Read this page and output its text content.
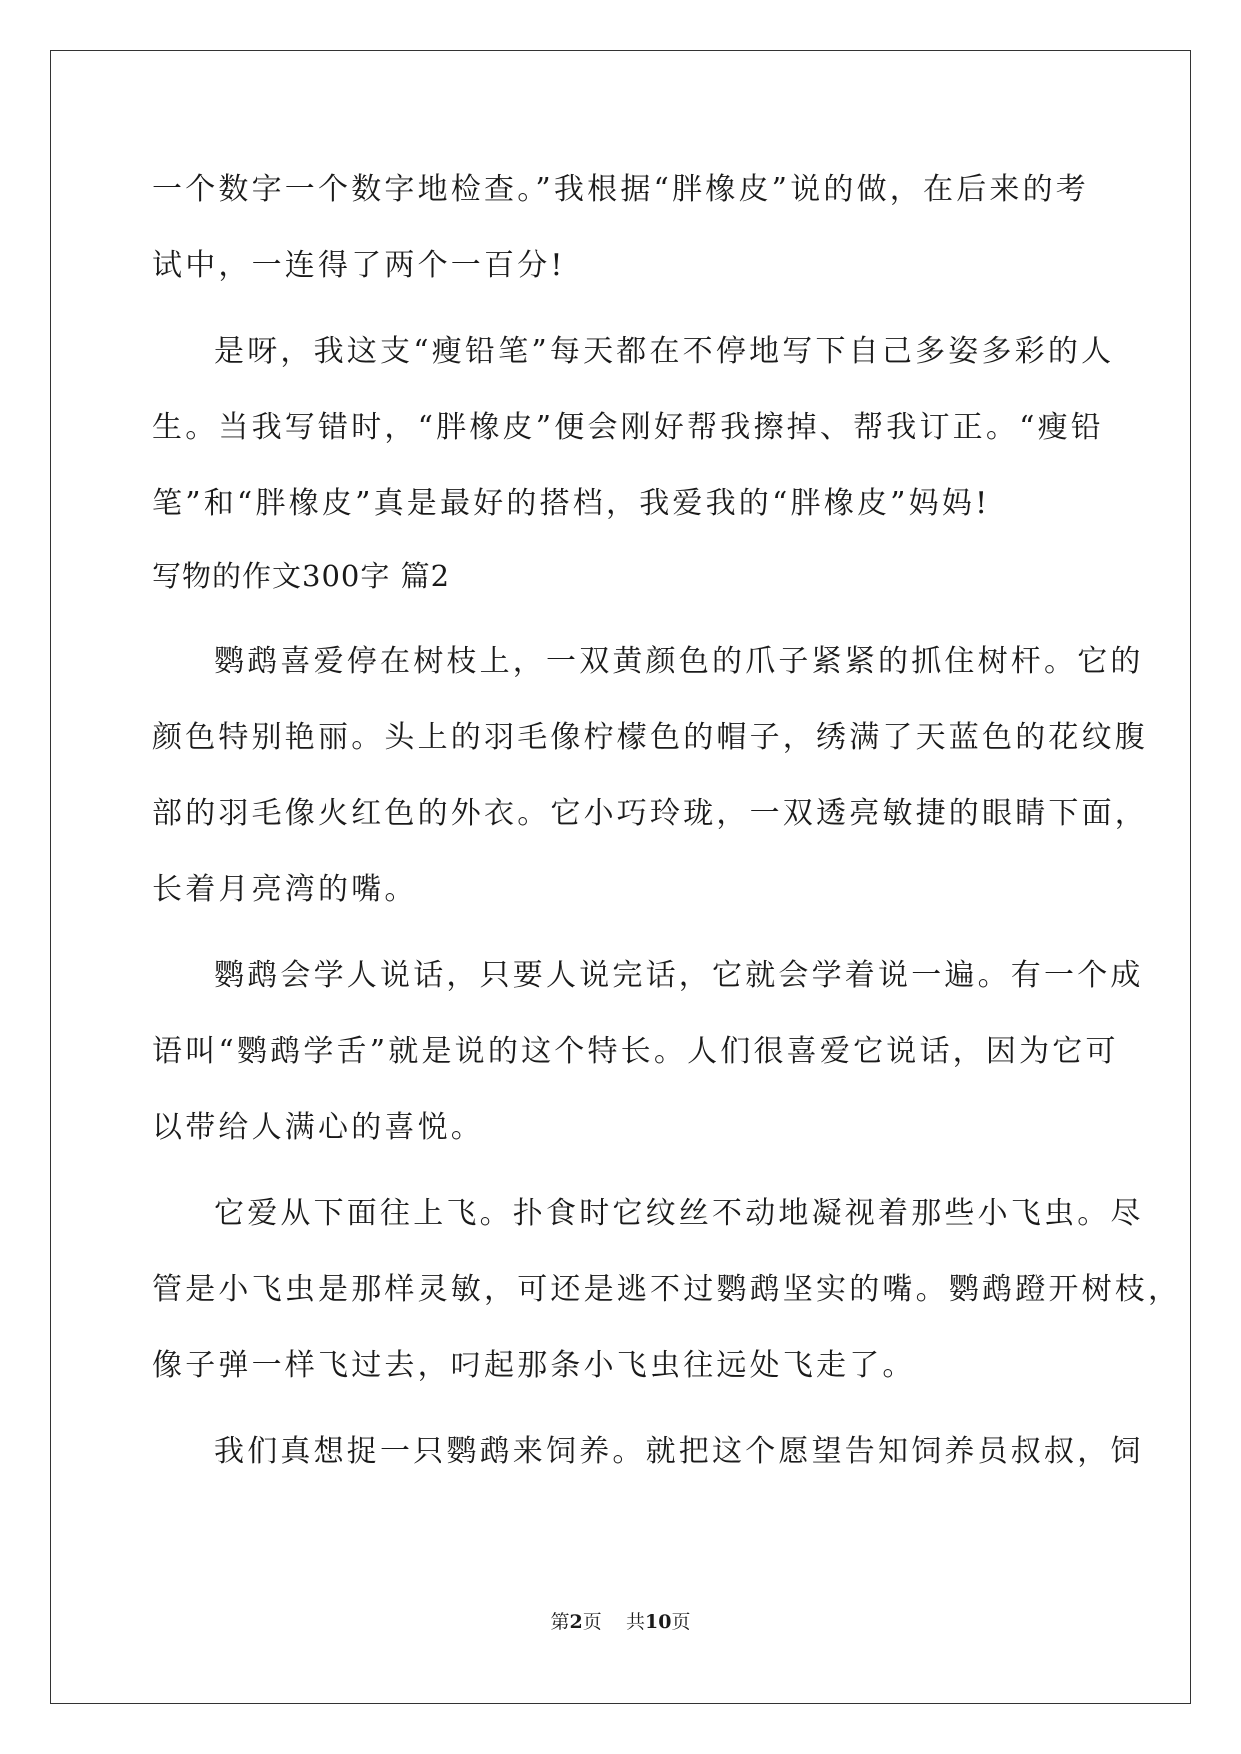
一个数字一个数字地检查。”我根据“胖橡皮”说的做，在后来的考
试中，一连得了两个一百分!
是呀，我这支“瘦铅笔”每天都在不停地写下自己多姿多彩的人
生。当我写错时，“胖橡皮”便会刚好帮我擦掉、帮我订正。“瘦铅
笔”和“胖橡皮”真是最好的搭档，我爱我的“胖橡皮”妈妈!
写物的作文300字 篇2
鹦鹉喜爱停在树枝上，一双黄颜色的爪子紧紧的抓住树杆。它的
颜色特别艳丽。头上的羽毛像柠檬色的帽子，绣满了天蓝色的花纹腹
部的羽毛像火红色的外衣。它小巧玲珑，一双透亮敏捷的眼睛下面，
长着月亮湾的嘴。
鹦鹉会学人说话，只要人说完话，它就会学着说一遍。有一个成
语叫“鹦鹉学舌”就是说的这个特长。人们很喜爱它说话，因为它可
以带给人满心的喜悦。
它爱从下面往上飞。扑食时它纹丝不动地凝视着那些小飞虫。尽
管是小飞虫是那样灵敏，可还是逃不过鹦鹉坚实的嘴。鹦鹉蹬开树枝，
像子弹一样飞过去，叼起那条小飞虫往远处飞走了。
我们真想捉一只鹦鹉来饲养。就把这个愿望告知饲养员叔叔，饲
第2页 共10页
